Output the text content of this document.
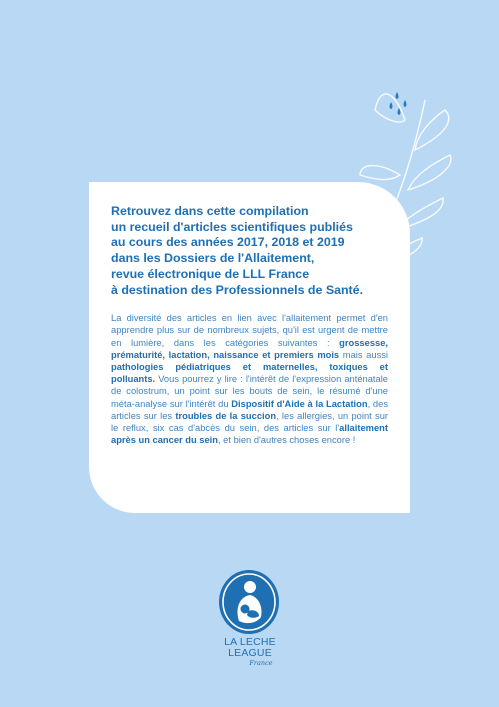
Retrouvez dans cette compilation
un recueil d'articles scientifiques publiés
au cours des années 2017, 2018 et 2019
dans les Dossiers de l'Allaitement,
revue électronique de LLL France
à destination des Professionnels de Santé.

La diversité des articles en lien avec l'allaitement permet d'en apprendre plus sur de nombreux sujets, qu'il est urgent de mettre en lumière, dans les catégories suivantes : grossesse, prématurité, lactation, naissance et premiers mois mais aussi pathologies pédiatriques et maternelles, toxiques et polluants. Vous pourrez y lire : l'intérêt de l'expression anténatale de colostrum, un point sur les bouts de sein, le résumé d'une méta-analyse sur l'intérêt du Dispositif d'Aide à la Lactation, des articles sur les troubles de la succion, les allergies, un point sur le reflux, six cas d'abcès du sein, des articles sur l'allaitement après un cancer du sein, et bien d'autres choses encore !

LA LECHE
LEAGUE
France
